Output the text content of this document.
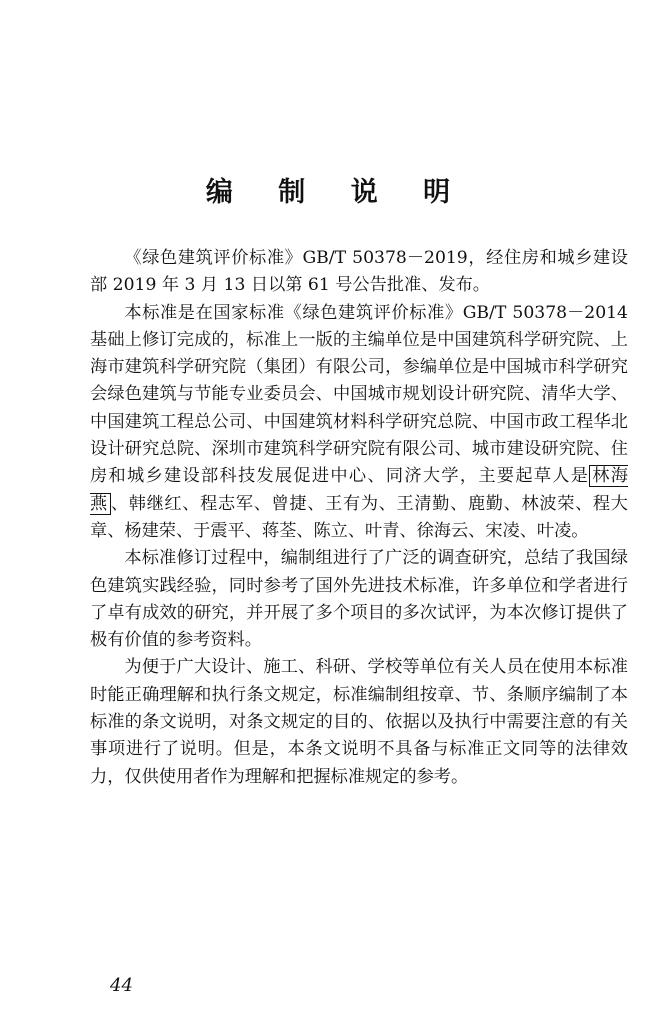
编 制 说 明

《绿色建筑评价标准》GB/T 50378－2019，经住房和城乡建设部 2019 年 3 月 13 日以第 61 号公告批准、发布。

本标准是在国家标准《绿色建筑评价标准》GB/T 50378－2014 基础上修订完成的，标准上一版的主编单位是中国建筑科学研究院、上海市建筑科学研究院（集团）有限公司，参编单位是中国城市科学研究会绿色建筑与节能专业委员会、中国城市规划设计研究院、清华大学、中国建筑工程总公司、中国建筑材料科学研究总院、中国市政工程华北设计研究总院、深圳市建筑科学研究院有限公司、城市建设研究院、住房和城乡建设部科技发展促进中心、同济大学，主要起草人是 林海燕 、韩继红、程志军、曾捷、王有为、王清勤、鹿勤、林波荣、程大章、杨建荣、于震平、蒋荃、陈立、叶青、徐海云、宋凌、叶凌。

本标准修订过程中，编制组进行了广泛的调查研究，总结了我国绿色建筑实践经验，同时参考了国外先进技术标准，许多单位和学者进行了卓有成效的研究，并开展了多个项目的多次试评，为本次修订提供了极有价值的参考资料。

为便于广大设计、施工、科研、学校等单位有关人员在使用本标准时能正确理解和执行条文规定，标准编制组按章、节、条顺序编制了本标准的条文说明，对条文规定的目的、依据以及执行中需要注意的有关事项进行了说明。但是，本条文说明不具备与标准正文同等的法律效力，仅供使用者作为理解和把握标准规定的参考。

44
